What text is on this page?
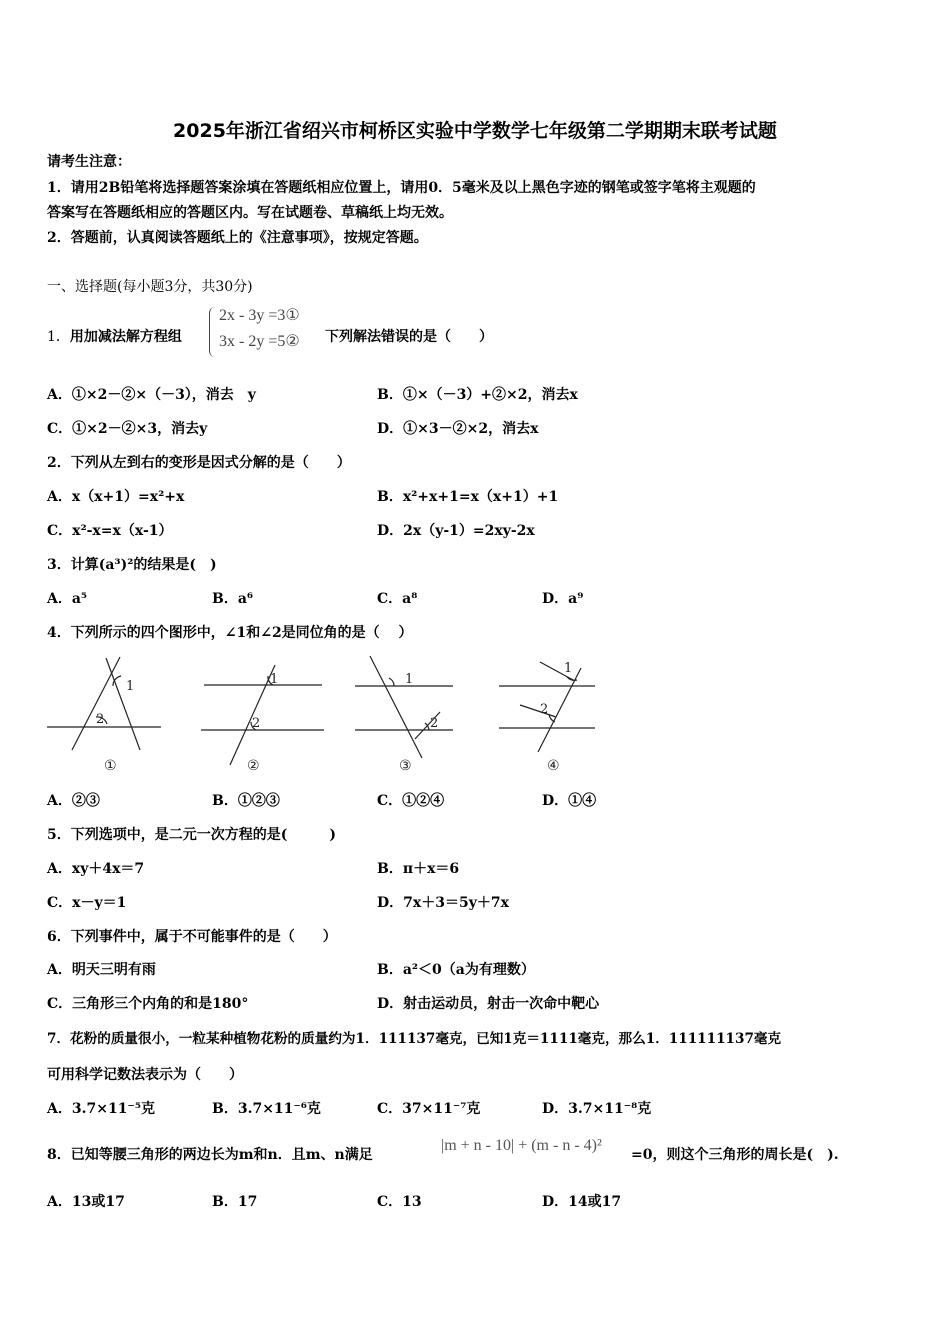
2025年浙江省绍兴市柯桥区实验中学数学七年级第二学期期末联考试题
请考生注意：
1．请用2B铅笔将选择题答案涂填在答题纸相应位置上，请用0．5毫米及以上黑色字迹的钢笔或签字笔将主观题的
答案写在答题纸相应的答题区内。写在试题卷、草稿纸上均无效。
2．答题前，认真阅读答题纸上的《注意事项》，按规定答题。
一、选择题(每小题3分，共30分)
1．用加减法解方程组
2x - 3y =3①
3x - 2y =5② 下列解法错误的是（　　）
A．①×2－②×（－3），消去　y	B．①×（－3）+②×2，消去x
C．①×2－②×3，消去y	D．①×3－②×2，消去x
2．下列从左到右的变形是因式分解的是（　　）
A．x（x+1）=x²+x	B．x²+x+1=x（x+1）+1
C．x²-x=x（x-1）	D．2x（y-1）=2xy-2x
3．计算(a³)²的结果是(　)
A．a⁵	B．a⁶	C．a⁸	D．a⁹
4．下列所示的四个图形中，∠1和∠2是同位角的是（　 ）
1
2
1
2
1
2
1
2
①	②	③	④
A．②③	B．①②③	C．①②④	D．①④
5．下列选项中，是二元一次方程的是(　　　)
A．xy＋4x＝7	B．π＋x＝6
C．x－y＝1	D．7x＋3＝5y＋7x
6．下列事件中，属于不可能事件的是（　　）
A．明天三明有雨	B．a²＜0（a为有理数）
C．三角形三个内角的和是180°	D．射击运动员，射击一次命中靶心
7．花粉的质量很小，一粒某种植物花粉的质量约为1．111137毫克，已知1克＝1111毫克，那么1．111111137毫克
可用科学记数法表示为（　　）
A．3.7×11⁻⁵克	B．3.7×11⁻⁶克	C．37×11⁻⁷克	D．3.7×11⁻⁸克
8．已知等腰三角形的两边长为m和n．且m、n满足
|m + n - 10| + (m - n - 4)²
=0，则这个三角形的周长是(　).
A．13或17	B．17	C．13	D．14或17
